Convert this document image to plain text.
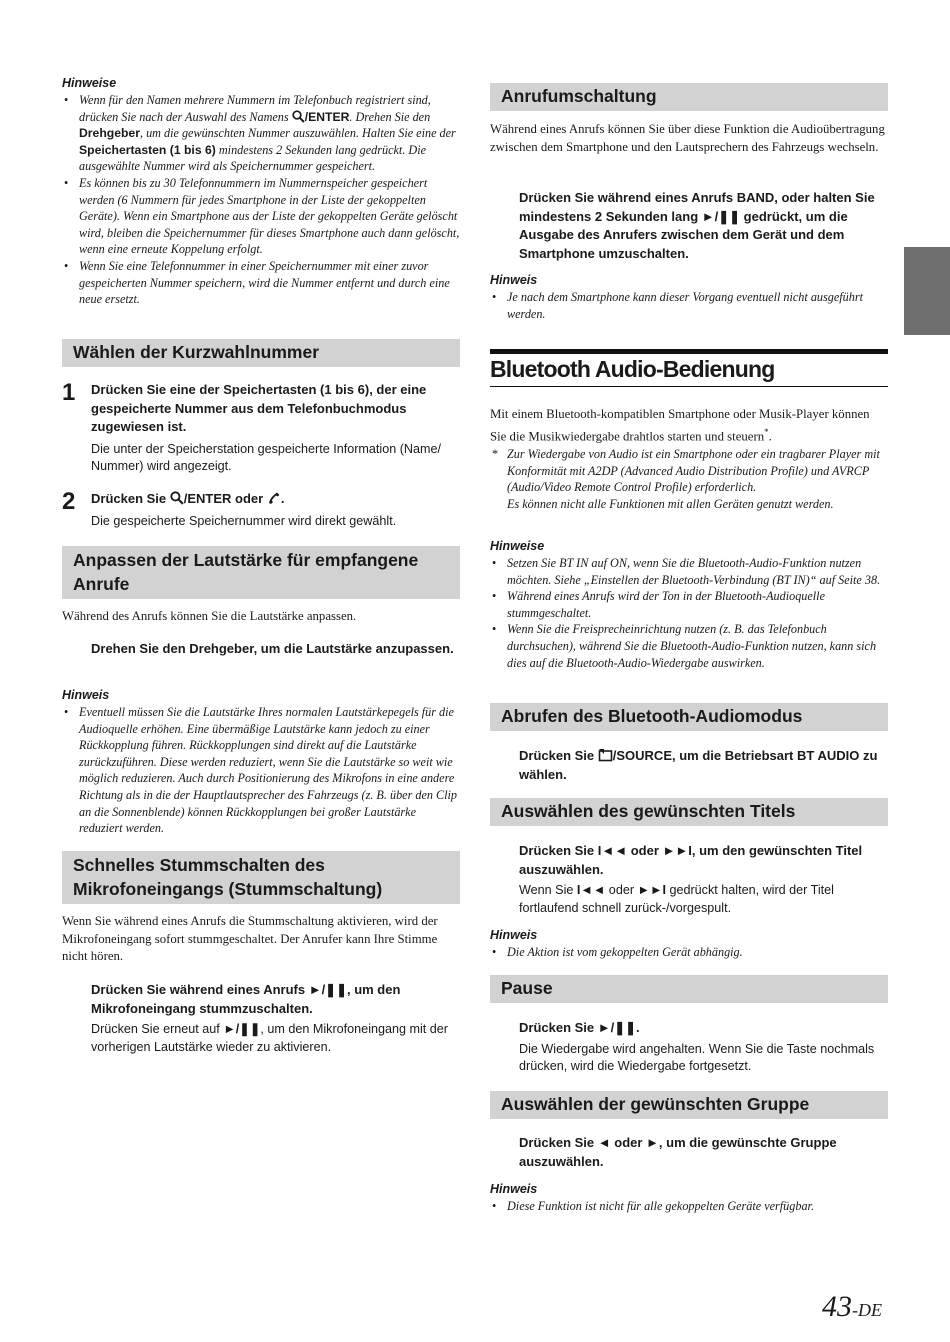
Hinweise

• Wenn für den Namen mehrere Nummern im Telefonbuch registriert sind, drücken Sie nach der Auswahl des Namens /ENTER. Drehen Sie den Drehgeber, um die gewünschten Nummer auszuwählen. Halten Sie eine der Speichertasten (1 bis 6) mindestens 2 Sekunden lang gedrückt. Die ausgewählte Nummer wird als Speichernummer gespeichert.
• Es können bis zu 30 Telefonnummern im Nummernspeicher gespeichert werden (6 Nummern für jedes Smartphone in der Liste der gekoppelten Geräte). Wenn ein Smartphone aus der Liste der gekoppelten Geräte gelöscht wird, bleiben die Speichernummer für dieses Smartphone auch dann gelöscht, wenn eine erneute Koppelung erfolgt.
• Wenn Sie eine Telefonnummer in einer Speichernummer mit einer zuvor gespeicherten Nummer speichern, wird die Nummer entfernt und durch eine neue ersetzt.
Wählen der Kurzwahlnummer
1	Drücken Sie eine der Speichertasten (1 bis 6), der eine gespeicherte Nummer aus dem Telefonbuchmodus zugewiesen ist.

Die unter der Speicherstation gespeicherte Information (Name/ Nummer) wird angezeigt.

2	Drücken Sie /ENTER oder .

Die gespeicherte Speichernummer wird direkt gewählt.

Anpassen der Lautstärke für empfangene
Anrufe

Während des Anrufs können Sie die Lautstärke anpassen.

Drehen Sie den Drehgeber, um die Lautstärke anzupassen.

Hinweis

• Eventuell müssen Sie die Lautstärke Ihres normalen Lautstärkepegels für die Audioquelle erhöhen. Eine übermäßige Lautstärke kann jedoch zu einer Rückkopplung führen. Rückkopplungen sind direkt auf die Lautstärke zurückzuführen. Diese werden reduziert, wenn Sie die Lautstärke so weit wie möglich reduzieren. Auch durch Positionierung des Mikrofons in eine andere Richtung als in die der Hauptlautsprecher des Fahrzeugs (z. B. über den Clip an die Sonnenblende) können Rückkopplungen bei großer Lautstärke reduziert werden.
Schnelles Stummschalten des
Mikrofoneingangs (Stummschaltung)

Wenn Sie während eines Anrufs die Stummschaltung aktivieren, wird der Mikrofoneingang sofort stummgeschaltet. Der Anrufer kann Ihre Stimme nicht hören.

Drücken Sie während eines Anrufs ►/❚❚, um den Mikrofoneingang stummzuschalten.

Drücken Sie erneut auf ►/❚❚, um den Mikrofoneingang mit der vorherigen Lautstärke wieder zu aktivieren.

Anrufumschaltung

Während eines Anrufs können Sie über diese Funktion die Audioübertragung zwischen dem Smartphone und den Lautsprechern des Fahrzeugs wechseln.

Drücken Sie während eines Anrufs BAND, oder halten Sie mindestens 2 Sekunden lang ►/❚❚ gedrückt, um die Ausgabe des Anrufers zwischen dem Gerät und dem Smartphone umzuschalten.

Hinweis

• Je nach dem Smartphone kann dieser Vorgang eventuell nicht ausgeführt werden.
Bluetooth Audio-Bedienung

Mit einem Bluetooth-kompatiblen Smartphone oder Musik-Player können Sie die Musikwiedergabe drahtlos starten und steuern*.

* Zur Wiedergabe von Audio ist ein Smartphone oder ein tragbarer Player mit Konformität mit A2DP (Advanced Audio Distribution Profile) und AVRCP (Audio/Video Remote Control Profile) erforderlich.

Es können nicht alle Funktionen mit allen Geräten genutzt werden.

Hinweise

• Setzen Sie BT IN auf ON, wenn Sie die Bluetooth-Audio-Funktion nutzen möchten. Siehe „Einstellen der Bluetooth-Verbindung (BT IN)“ auf Seite 38.
• Während eines Anrufs wird der Ton in der Bluetooth-Audioquelle stummgeschaltet.
• Wenn Sie die Freisprecheinrichtung nutzen (z. B. das Telefonbuch durchsuchen), während Sie die Bluetooth-Audio-Funktion nutzen, kann sich dies auf die Bluetooth-Audio-Wiedergabe auswirken.
Abrufen des Bluetooth-Audiomodus

Drücken Sie /SOURCE, um die Betriebsart BT AUDIO zu wählen.

Auswählen des gewünschten Titels

Drücken Sie I◄◄ oder ►►I, um den gewünschten Titel auszuwählen.

Wenn Sie I◄◄ oder ►►I gedrückt halten, wird der Titel fortlaufend schnell zurück-/vorgespult.

Hinweis

• Die Aktion ist vom gekoppelten Gerät abhängig.
Pause

Drücken Sie ►/❚❚.

Die Wiedergabe wird angehalten. Wenn Sie die Taste nochmals drücken, wird die Wiedergabe fortgesetzt.

Auswählen der gewünschten Gruppe

Drücken Sie ◄ oder ►, um die gewünschte Gruppe auszuwählen.

Hinweis

• Diese Funktion ist nicht für alle gekoppelten Geräte verfügbar.
43-DE
